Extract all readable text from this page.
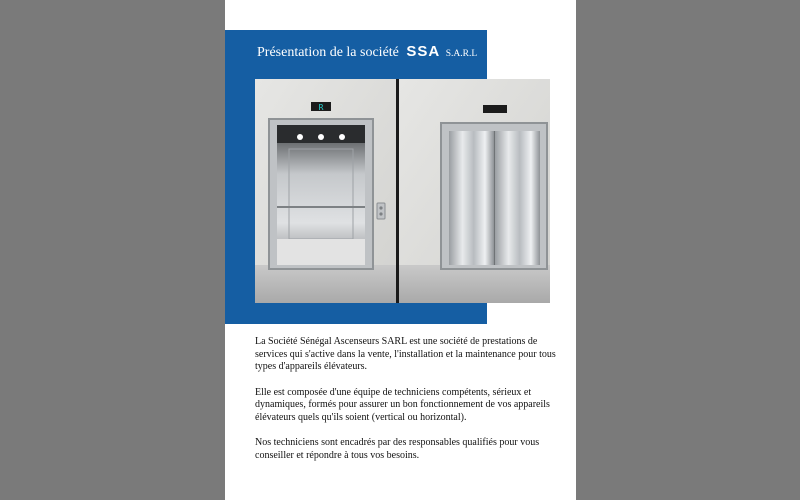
Présentation de la société SSA S.A.R.L
R

La Société Sénégal Ascenseurs SARL est une société de prestations de services qui s'active dans la vente, l'installation et la maintenance pour tous types d'appareils élévateurs.

Elle est composée d'une équipe de techniciens compétents, sérieux et dynamiques, formés pour assurer un bon fonctionnement de vos appareils élévateurs quels qu'ils soient (vertical ou horizontal).

Nos techniciens sont encadrés par des responsables qualifiés pour vous conseiller et répondre à tous vos besoins.
